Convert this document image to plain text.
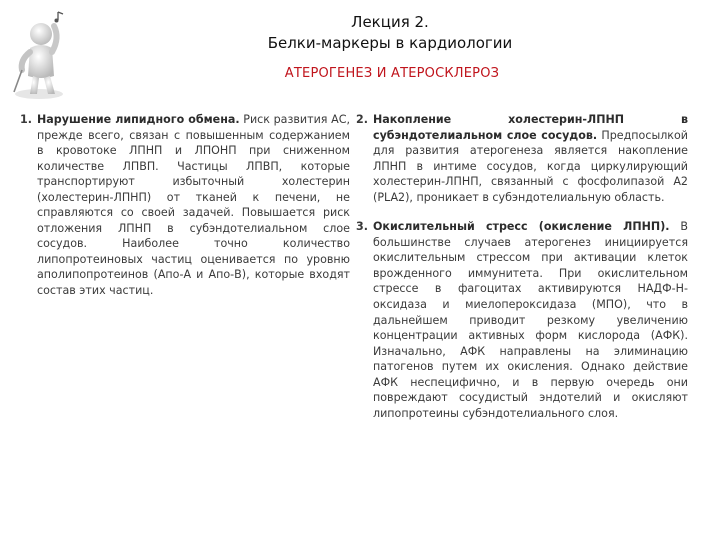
Лекция 2.
Белки-маркеры в кардиологии
АТЕРОГЕНЕЗ И АТЕРОСКЛЕРОЗ
1. Нарушение липидного обмена. Риск развития АС, прежде всего, связан с повышенным содержанием в кровотоке ЛПНП и ЛПОНП при сниженном количестве ЛПВП. Частицы ЛПВП, которые транспортируют избыточный холестерин (холестерин-ЛПНП) от тканей к печени, не справляются со своей задачей. Повышается риск отложения ЛПНП в субэндотелиальном слое сосудов. Наиболее точно количество липопротеиновых частиц оценивается по уровню аполипопротеинов (Апо-А и Апо-В), которые входят состав этих частиц.

2. Накопление холестерин-ЛПНП в субэндотелиальном слое сосудов. Предпосылкой для развития атерогенеза является накопление ЛПНП в интиме сосудов, когда циркулирующий холестерин-ЛПНП, связанный с фосфолипазой А2 (PLA2), проникает в субэндотелиальную область.

3. Окислительный стресс (окисление ЛПНП). В большинстве случаев атерогенез инициируется окислительным стрессом при активации клеток врожденного иммунитета. При окислительном стрессе в фагоцитах активируются НАДФ-Н-оксидаза и миелопероксидаза (МПО), что в дальнейшем приводит резкому увеличению концентрации активных форм кислорода (АФК). Изначально, АФК направлены на элиминацию патогенов путем их окисления. Однако действие АФК неспецифично, и в первую очередь они повреждают сосудистый эндотелий и окисляют липопротеины субэндотелиального слоя.
